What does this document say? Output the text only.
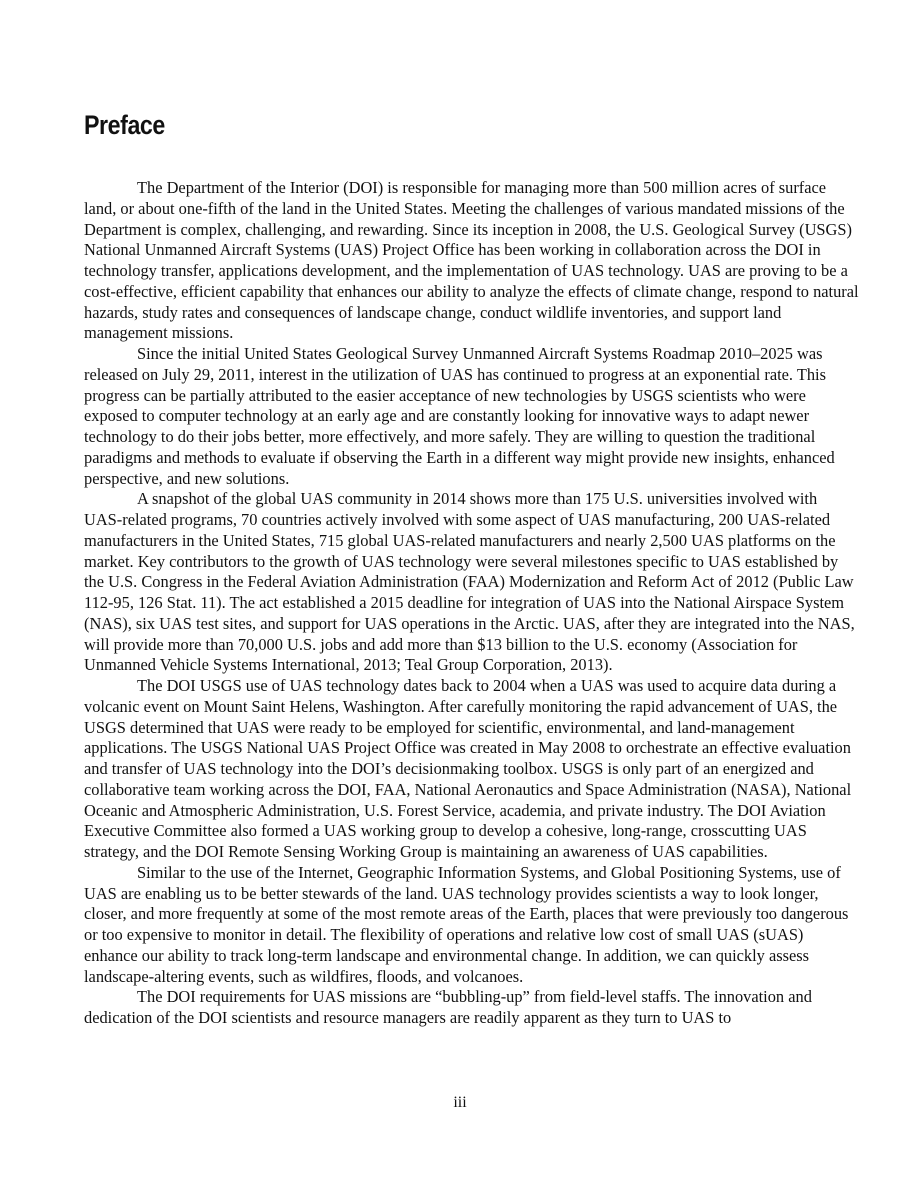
Preface

The Department of the Interior (DOI) is responsible for managing more than 500 million acres of surface land, or about one-fifth of the land in the United States. Meeting the challenges of various mandated missions of the Department is complex, challenging, and rewarding. Since its inception in 2008, the U.S. Geological Survey (USGS) National Unmanned Aircraft Systems (UAS) Project Office has been working in collaboration across the DOI in technology transfer, applications development, and the implementation of UAS technology. UAS are proving to be a cost-effective, efficient capability that enhances our ability to analyze the effects of climate change, respond to natural hazards, study rates and consequences of landscape change, conduct wildlife inventories, and support land management missions.

Since the initial United States Geological Survey Unmanned Aircraft Systems Roadmap 2010–2025 was released on July 29, 2011, interest in the utilization of UAS has continued to progress at an exponential rate. This progress can be partially attributed to the easier acceptance of new technologies by USGS scientists who were exposed to computer technology at an early age and are constantly looking for innovative ways to adapt newer technology to do their jobs better, more effectively, and more safely. They are willing to question the traditional paradigms and methods to evaluate if observing the Earth in a different way might provide new insights, enhanced perspective, and new solutions.

A snapshot of the global UAS community in 2014 shows more than 175 U.S. universities involved with UAS-related programs, 70 countries actively involved with some aspect of UAS manufacturing, 200 UAS-related manufacturers in the United States, 715 global UAS-related manufacturers and nearly 2,500 UAS platforms on the market. Key contributors to the growth of UAS technology were several milestones specific to UAS established by the U.S. Congress in the Federal Aviation Administration (FAA) Modernization and Reform Act of 2012 (Public Law 112-95, 126 Stat. 11). The act established a 2015 deadline for integration of UAS into the National Airspace System (NAS), six UAS test sites, and support for UAS operations in the Arctic. UAS, after they are integrated into the NAS, will provide more than 70,000 U.S. jobs and add more than $13 billion to the U.S. economy (Association for Unmanned Vehicle Systems International, 2013; Teal Group Corporation, 2013).

The DOI USGS use of UAS technology dates back to 2004 when a UAS was used to acquire data during a volcanic event on Mount Saint Helens, Washington. After carefully monitoring the rapid advancement of UAS, the USGS determined that UAS were ready to be employed for scientific, environmental, and land-management applications. The USGS National UAS Project Office was created in May 2008 to orchestrate an effective evaluation and transfer of UAS technology into the DOI’s decisionmaking toolbox. USGS is only part of an energized and collaborative team working across the DOI, FAA, National Aeronautics and Space Administration (NASA), National Oceanic and Atmospheric Administration, U.S. Forest Service, academia, and private industry. The DOI Aviation Executive Committee also formed a UAS working group to develop a cohesive, long-range, crosscutting UAS strategy, and the DOI Remote Sensing Working Group is maintaining an awareness of UAS capabilities.

Similar to the use of the Internet, Geographic Information Systems, and Global Positioning Systems, use of UAS are enabling us to be better stewards of the land. UAS technology provides scientists a way to look longer, closer, and more frequently at some of the most remote areas of the Earth, places that were previously too dangerous or too expensive to monitor in detail. The flexibility of operations and relative low cost of small UAS (sUAS) enhance our ability to track long-term landscape and environmental change. In addition, we can quickly assess landscape-altering events, such as wildfires, floods, and volcanoes.

The DOI requirements for UAS missions are “bubbling-up” from field-level staffs. The innovation and dedication of the DOI scientists and resource managers are readily apparent as they turn to UAS to

iii
